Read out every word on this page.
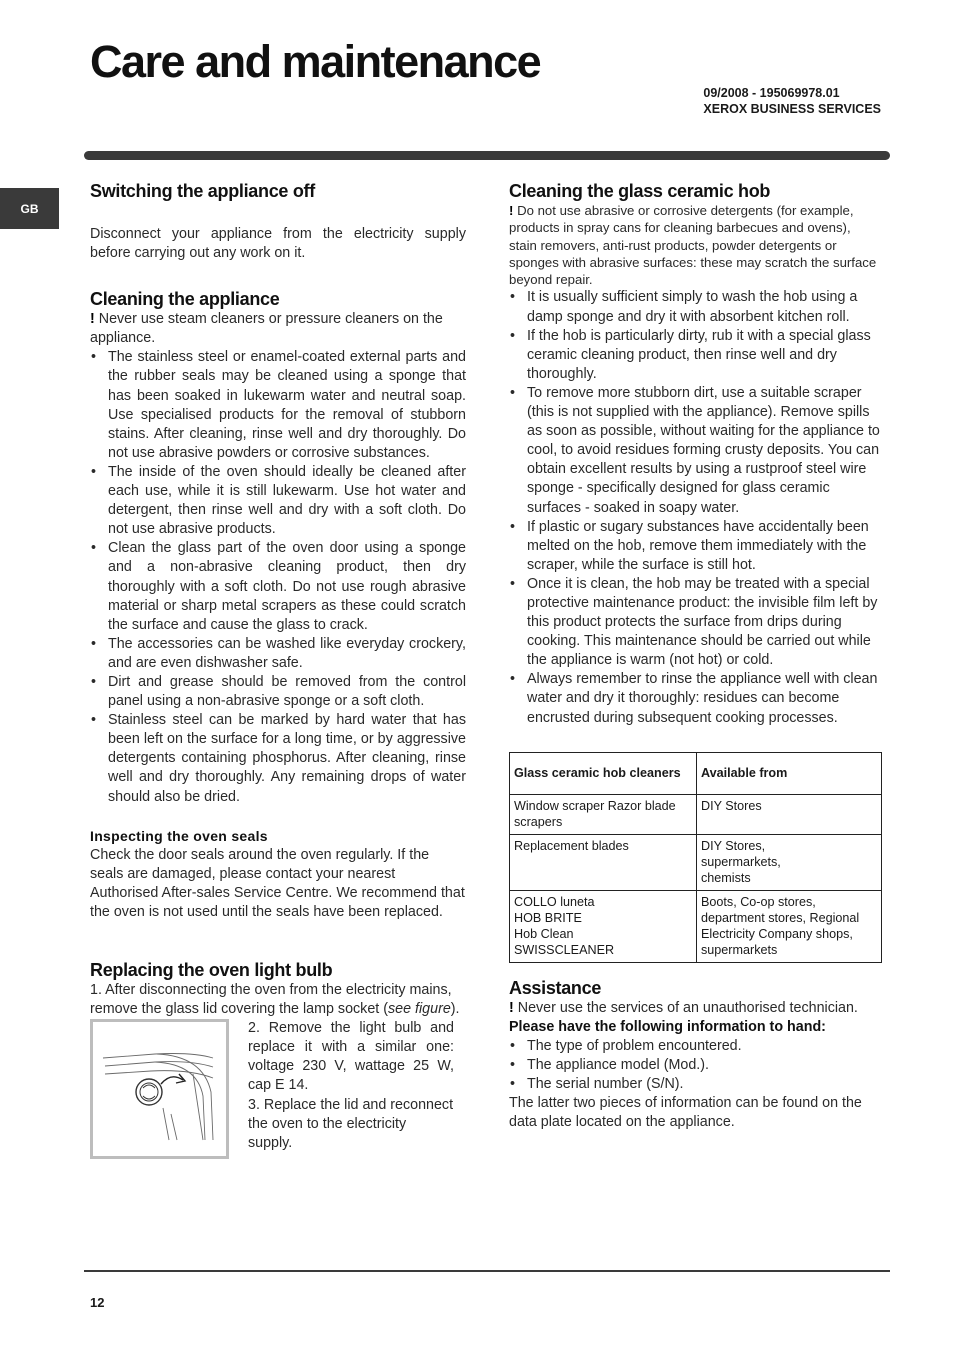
Care and maintenance
09/2008 - 195069978.01
XEROX BUSINESS SERVICES
GB
Switching the appliance off

Disconnect your appliance from the electricity supply before carrying out any work on it.

Cleaning the appliance

! Never use steam cleaners or pressure cleaners on the appliance.

• The stainless steel or enamel-coated external parts and the rubber seals may be cleaned using a sponge that has been soaked in lukewarm water and neutral soap. Use specialised products for the removal of stubborn stains. After cleaning, rinse well and dry thoroughly. Do not use abrasive powders or corrosive substances.
• The inside of the oven should ideally be cleaned after each use, while it is still lukewarm. Use hot water and detergent, then rinse well and dry with a soft cloth. Do not use abrasive products.
• Clean the glass part of the oven door using a sponge and a non-abrasive cleaning product, then dry thoroughly with a soft cloth. Do not use rough abrasive material or sharp metal scrapers as these could scratch the surface and cause the glass to crack.
• The accessories can be washed like everyday crockery, and are even dishwasher safe.
• Dirt and grease should be removed from the control panel using a non-abrasive sponge or a soft cloth.
• Stainless steel can be marked by hard water that has been left on the surface for a long time, or by aggressive detergents containing phosphorus. After cleaning, rinse well and dry thoroughly. Any remaining drops of water should also be dried.
Inspecting the oven seals

Check the door seals around the oven regularly. If the seals are damaged, please contact your nearest Authorised After-sales Service Centre. We recommend that the oven is not used until the seals have been replaced.

Replacing the oven light bulb

1. After disconnecting the oven from the electricity mains, remove the glass lid covering the lamp socket (see figure).

2. Remove the light bulb and replace it with a similar one: voltage 230 V, wattage 25 W, cap E 14.

3. Replace the lid and reconnect the oven to the electricity supply.

Cleaning the glass ceramic hob

! Do not use abrasive or corrosive detergents (for example, products in spray cans for cleaning barbecues and ovens), stain removers, anti-rust products, powder detergents or sponges with abrasive surfaces: these may scratch the surface beyond repair.

• It is usually sufficient simply to wash the hob using a damp sponge and dry it with absorbent kitchen roll.
• If the hob is particularly dirty, rub it with a special glass ceramic cleaning product, then rinse well and dry thoroughly.
• To remove more stubborn dirt, use a suitable scraper (this is not supplied with the appliance). Remove spills as soon as possible, without waiting for the appliance to cool, to avoid residues forming crusty deposits. You can obtain excellent results by using a rustproof steel wire sponge - specifically designed for glass ceramic surfaces - soaked in soapy water.
• If plastic or sugary substances have accidentally been melted on the hob, remove them immediately with the scraper, while the surface is still hot.
• Once it is clean, the hob may be treated with a special protective maintenance product: the invisible film left by this product protects the surface from drips during cooking. This maintenance should be carried out while the appliance is warm (not hot) or cold.
• Always remember to rinse the appliance well with clean water and dry it thoroughly: residues can become encrusted during subsequent cooking processes.
Glass ceramic hob cleaners	Available from

Window scraper Razor blade scrapers	DIY Stores

Replacement blades	DIY Stores,
supermarkets,
chemists

COLLO luneta
HOB BRITE
Hob Clean
SWISSCLEANER	Boots, Co-op stores, department stores, Regional Electricity Company shops, supermarkets
Assistance

! Never use the services of an unauthorised technician.

Please have the following information to hand:

• The type of problem encountered.
• The appliance model (Mod.).
• The serial number (S/N).

The latter two pieces of information can be found on the data plate located on the appliance.

12
